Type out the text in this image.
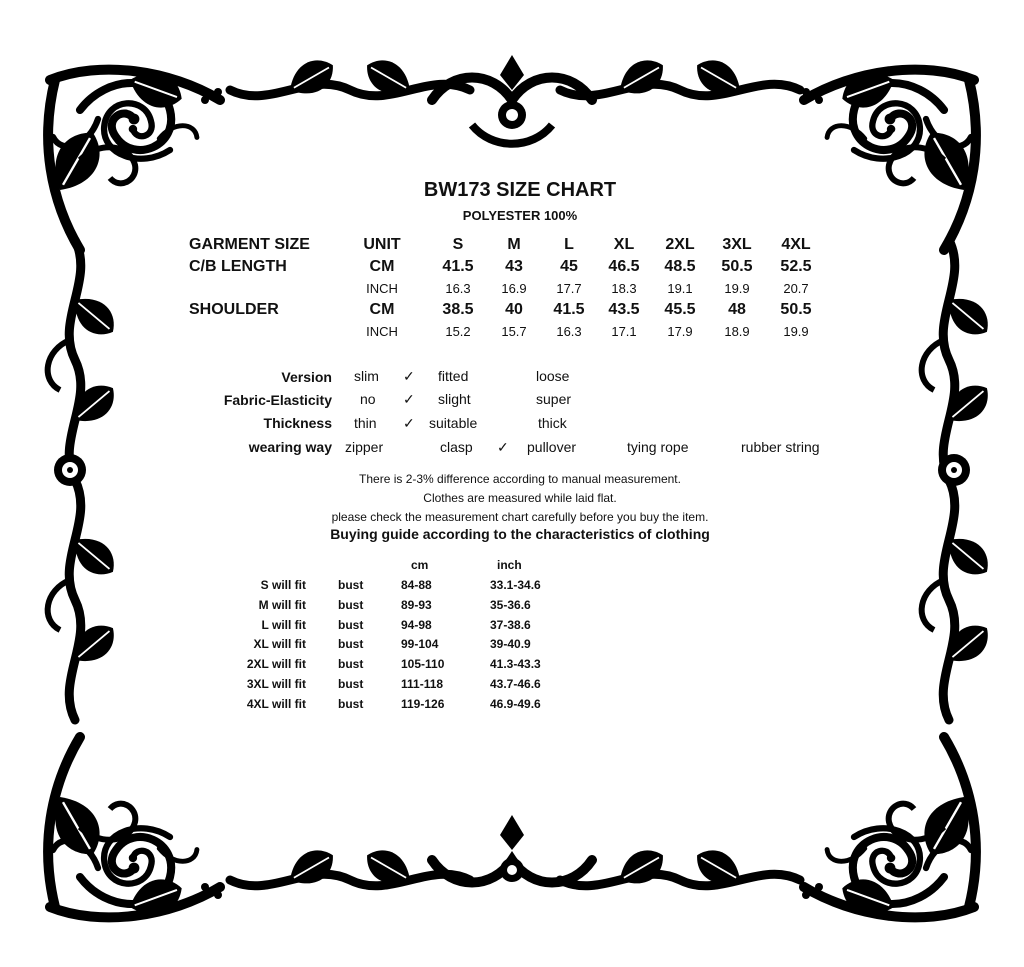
BW173 SIZE CHART
POLYESTER 100%
GARMENT SIZE	UNIT	S	M	L	XL	2XL	3XL	4XL
C/B LENGTH	CM	41.5	43	45	46.5	48.5	50.5	52.5
INCH	16.3	16.9	17.7	18.3	19.1	19.9	20.7
SHOULDER	CM	38.5	40	41.5	43.5	45.5	48	50.5
INCH	15.2	15.7	16.3	17.1	17.9	18.9	19.9
Version slim ✓ fitted	loose
Fabric-Elasticity no ✓ slight	super
Thickness thin ✓ suitable	thick
wearing way zipper	clasp ✓ pullover	tying rope	rubber string
There is 2-3% difference according to manual measurement.
Clothes are measured while laid flat.
please check the measurement chart carefully before you buy the item.
Buying guide according to the characteristics of clothing
cm	inch
S will fit	bust	84-88	33.1-34.6
M will fit	bust	89-93	35-36.6
L will fit	bust	94-98	37-38.6
XL will fit	bust	99-104	39-40.9
2XL will fit	bust	105-110	41.3-43.3
3XL will fit	bust	111-118	43.7-46.6
4XL will fit	bust	119-126	46.9-49.6
